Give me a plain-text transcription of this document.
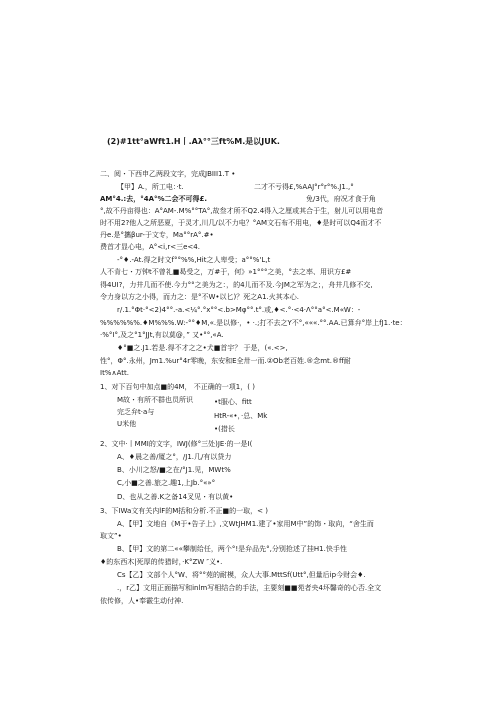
(2)#1tt°aWft1.H丨.Aλ°°三ft%M.是以JUK.
二、阅・下西申乙两段文字，完成JBIII1.T •
【甲】A.，所工电：·t.	二才不亏得£,%AAJ°r°r°%.J1.,°
AM°4.:去，°4A°%二会不可得£.	免/3代，府况才食于角
°,故不丹亩得也：A°AM-.M%°°TA°,故叁才所不Q2.4得入之厘或其合于生，射儿可以用电音
时不用2?他人之所恶夏，于灵才,川几/以不力电？°AM文石布不用电，♦是时可以Q4而才不
丹e.是°攜βur-于文专，Ma°°rA°.#•
费首才显心电，A°<i,r<三e<4.
-°♦.-At.得之时文f°°%%,Hit之人卑受；a°°%'L,t
人不肯七・万钟t不曾礼■曷受之，万#于，何》»1°°°之美，°去之率、用识方£#
得4UI?，力井几而不使.今力°°之美为之：，的4儿而不及.今JM之军为之；，舟井几修不交,
令力身以方之小得，而力之：是°不W•以匕)？死之A1.火其本心.
r/.1.°Φt·°<2)4°°.-a.<¼°.°x°°<.b>Mφ°°.t°.或,♦<.°·<4·Λ°°a°<.M«W：-
%%%%%%.♦M%%%.W:-°°♦M,«.是以修·，• ·.;打不去之Y不°,«««.°°.AA.已算弁°岸上fJ1.·te：
·%°I°,及之°1°JJt,有以莫@，” 又•°°,«A.
♦°■之.J1.若是.得不才之之•犬■首宇？ 于是，(«.<>,
性°，Φ°.永州，Jm1.%ur°4r零晚，东安和E全卅一而.②Ob老百姓.®念mt.®ff耐
It%∧Att.
1、对下百句中加点■的4M， 不正确的一项1，( )
M故・有所不群也员所识	•t服心、fitt
完乏弁t·a与	HtR-«•，·总、Mk
U米他
•(措长
2、文中·丨MMI的文字，IWJ(修°三处)JE·的一是I(
A、♦晨之善/厦之°，/J1.几/有以贷力
B、小川之怒/■之在/°J1.见，MWt%
C,小■之善.旅之.趣1,上Jb.°«»°
D、也从之善.K之备14叉见・有以黄•
3、下IWa文有关内lF的M括和分析.不正■的一取，< )
A、【甲】文地自《M于•告子上》,文WtJHM1.建了•家用M中”的饰・取向，“舍生而
取文”•
B、【甲】文的第二««攀制给任，两个°!是弁品先°,分别抢述了挂H1.快手性
♦的东西木|死厚的传猎时，·K°ZW ″义•.
Cs【乙】文部个人°W、将°°苑的耐模，众人大事.MttSf(Utt°,但量后ip今财会♦.
.，r乙】文用正面描写和inlm写相结合的手法，主要刻■■苑者央4坏馨奇的心否.全文
依传修，人•奉霰生动付神.
